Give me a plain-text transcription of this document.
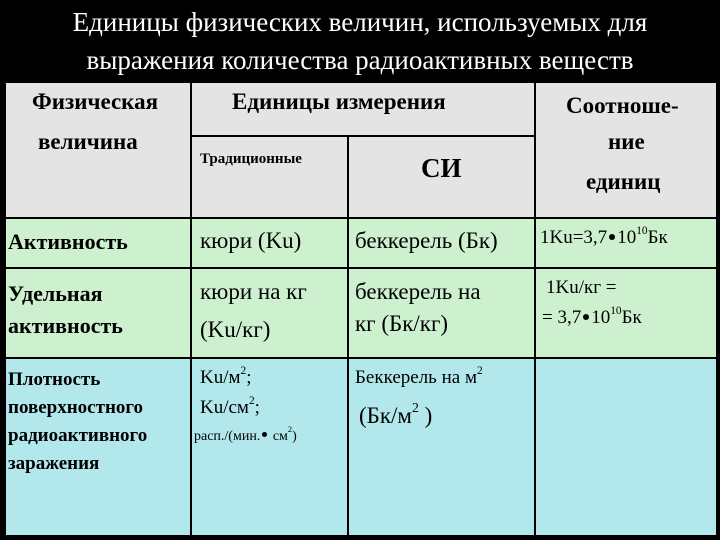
Единицы физических величин, используемых для
выражения количества радиоактивных веществ
Физическая
величина
Единицы измерения
Традиционные	СИ
Соотноше-
ние
единиц
Активность	кюри (Ku) беккерель (Бк) 1Ku=3,7 $10^{10}Бк$
Удельная
активность
кюри на кг
(Ku/кг)
беккерель на
кг (Бк/кг)
1Ku/кг =
= 3,7 $10^{10}Бк$
Плотность
поверхностного
радиоактивного
заражения
$Ku/м^2$;
$Ku/см^2$;
расп./(мин. $см^2$)
Беккерель на $м^2$
($Бк/м^2$ )
